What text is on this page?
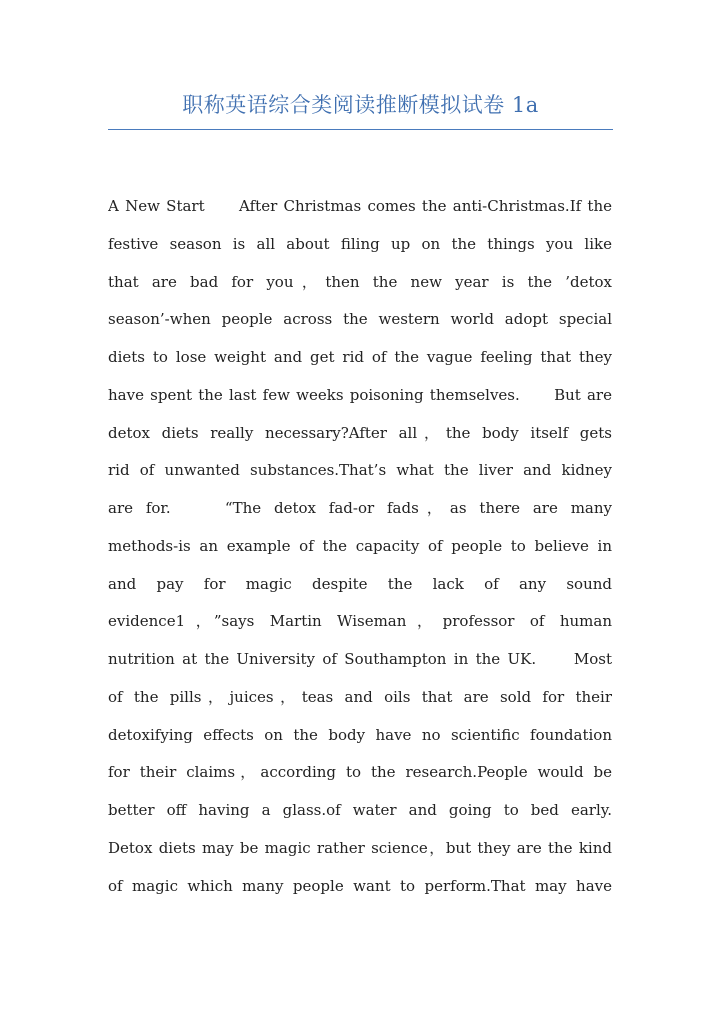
职称英语综合类阅读推断模拟试卷 1a
A New Start　　After Christmas comes the anti-Christmas.If the
festive season is all about filing up on the things you like
that are bad for you，then the new year is the ’detox
season’-when people across the western world adopt special
diets to lose weight and get rid of the vague feeling that they
have spent the last few weeks poisoning themselves.　　But are
detox diets really necessary?After all，the body itself gets
rid of unwanted substances.That’s what the liver and kidney
are for.　　“The detox fad-or fads，as there are many
methods-is an example of the capacity of people to believe in
and pay for magic despite the lack of any sound
evidence1，”says Martin Wiseman，professor of human
nutrition at the University of Southampton in the UK.　　Most
of the pills，juices，teas and oils that are sold for their
detoxifying effects on the body have no scientific foundation
for their claims，according to the research.People would be
better off having a glass.of water and going to bed early.
Detox diets may be magic rather science，but they are the kind
of magic which many people want to perform.That may have
